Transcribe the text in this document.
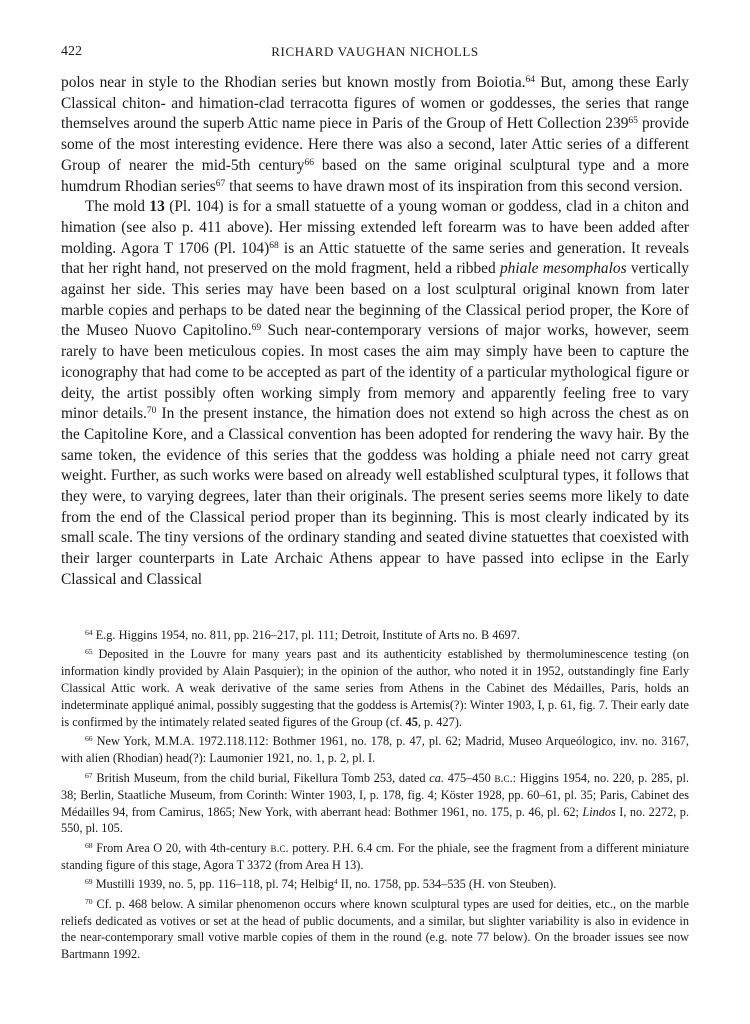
422	RICHARD VAUGHAN NICHOLLS

polos near in style to the Rhodian series but known mostly from Boiotia.$^{64}$ But, among these Early Classical chiton- and himation-clad terracotta figures of women or goddesses, the series that range themselves around the superb Attic name piece in Paris of the Group of Hett Collection $239^{65}$ provide some of the most interesting evidence. Here there was also a second, later Attic series of a different Group of nearer the mid-5th century$^{66}$ based on the same original sculptural type and a more humdrum Rhodian series$^{67}$ that seems to have drawn most of its inspiration from this second version.

The mold 13 (Pl. 104) is for a small statuette of a young woman or goddess, clad in a chiton and himation (see also p. 411 above). Her missing extended left forearm was to have been added after molding. Agora T 1706 (Pl. 104)$^{68}$ is an Attic statuette of the same series and generation. It reveals that her right hand, not preserved on the mold fragment, held a ribbed phiale mesomphalos vertically against her side. This series may have been based on a lost sculptural original known from later marble copies and perhaps to be dated near the beginning of the Classical period proper, the Kore of the Museo Nuovo Capitolino.$^{69}$ Such near-contemporary versions of major works, however, seem rarely to have been meticulous copies. In most cases the aim may simply have been to capture the iconography that had come to be accepted as part of the identity of a particular mythological figure or deity, the artist possibly often working simply from memory and apparently feeling free to vary minor details.$^{70}$ In the present instance, the himation does not extend so high across the chest as on the Capitoline Kore, and a Classical convention has been adopted for rendering the wavy hair. By the same token, the evidence of this series that the goddess was holding a phiale need not carry great weight. Further, as such works were based on already well established sculptural types, it follows that they were, to varying degrees, later than their originals. The present series seems more likely to date from the end of the Classical period proper than its beginning. This is most clearly indicated by its small scale. The tiny versions of the ordinary standing and seated divine statuettes that coexisted with their larger counterparts in Late Archaic Athens appear to have passed into eclipse in the Early Classical and Classical

$^{64}$ E.g. Higgins 1954, no. 811, pp. 216–217, pl. 111; Detroit, Institute of Arts no. B 4697.

$^{65}$ Deposited in the Louvre for many years past and its authenticity established by thermoluminescence testing (on information kindly provided by Alain Pasquier); in the opinion of the author, who noted it in 1952, outstandingly fine Early Classical Attic work. A weak derivative of the same series from Athens in the Cabinet des Médailles, Paris, holds an indeterminate appliqué animal, possibly suggesting that the goddess is Artemis(?): Winter 1903, I, p. 61, fig. 7. Their early date is confirmed by the intimately related seated figures of the Group (cf. 45, p. 427).

$^{66}$ New York, M.M.A. 1972.118.112: Bothmer 1961, no. 178, p. 47, pl. 62; Madrid, Museo Arqueólogico, inv. no. 3167, with alien (Rhodian) head(?): Laumonier 1921, no. 1, p. 2, pl. I.

$^{67}$ British Museum, from the child burial, Fikellura Tomb 253, dated ca. 475–450 b.c.: Higgins 1954, no. 220, p. 285, pl. 38; Berlin, Staatliche Museum, from Corinth: Winter 1903, I, p. 178, fig. 4; Köster 1928, pp. 60–61, pl. 35; Paris, Cabinet des Médailles 94, from Camirus, 1865; New York, with aberrant head: Bothmer 1961, no. 175, p. 46, pl. 62; Lindos I, no. 2272, p. 550, pl. 105.

$^{68}$ From Area O 20, with 4th-century b.c. pottery. P.H. 6.4 cm. For the phiale, see the fragment from a different miniature standing figure of this stage, Agora T 3372 (from Area H 13).

$^{69}$ Mustilli 1939, no. 5, pp. 116–118, pl. 74; Helbig$^4$ II, no. 1758, pp. 534–535 (H. von Steuben).

$^{70}$ Cf. p. 468 below. A similar phenomenon occurs where known sculptural types are used for deities, etc., on the marble reliefs dedicated as votives or set at the head of public documents, and a similar, but slighter variability is also in evidence in the near-contemporary small votive marble copies of them in the round (e.g. note 77 below). On the broader issues see now Bartmann 1992.
